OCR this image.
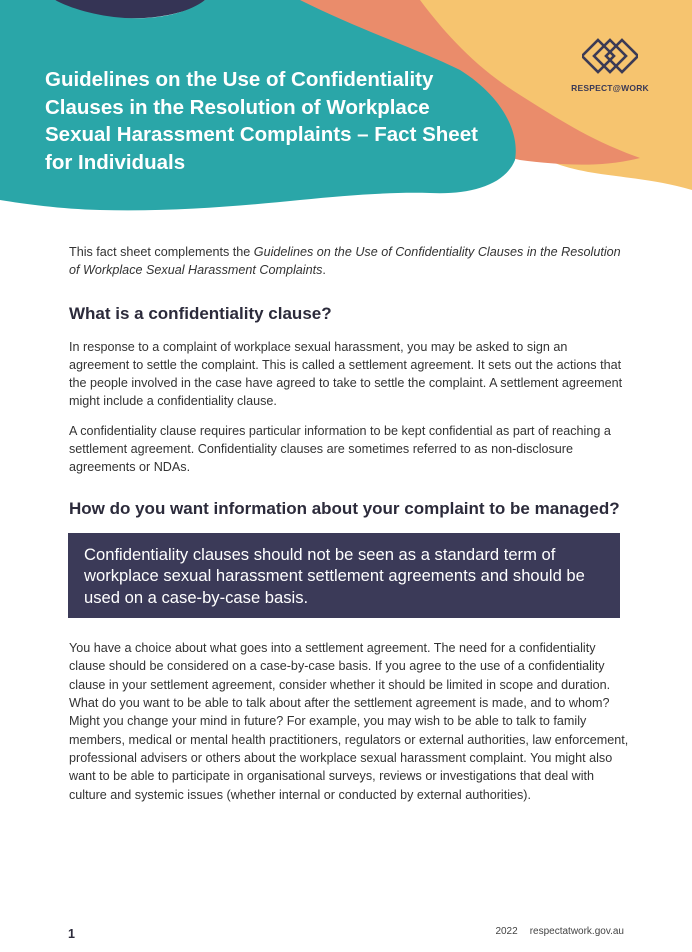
Guidelines on the Use of Confidentiality Clauses in the Resolution of Workplace Sexual Harassment Complaints – Fact Sheet for Individuals
RESPECT@WORK

This fact sheet complements the Guidelines on the Use of Confidentiality Clauses in the Resolution of Workplace Sexual Harassment Complaints.

What is a confidentiality clause?

In response to a complaint of workplace sexual harassment, you may be asked to sign an agreement to settle the complaint. This is called a settlement agreement. It sets out the actions that the people involved in the case have agreed to take to settle the complaint. A settlement agreement might include a confidentiality clause.

A confidentiality clause requires particular information to be kept confidential as part of reaching a settlement agreement. Confidentiality clauses are sometimes referred to as non-disclosure agreements or NDAs.

How do you want information about your complaint to be managed?
Confidentiality clauses should not be seen as a standard term of workplace sexual harassment settlement agreements and should be used on a case-by-case basis.

You have a choice about what goes into a settlement agreement. The need for a confidentiality clause should be considered on a case-by-case basis. If you agree to the use of a confidentiality clause in your settlement agreement, consider whether it should be limited in scope and duration. What do you want to be able to talk about after the settlement agreement is made, and to whom? Might you change your mind in future? For example, you may wish to be able to talk to family members, medical or mental health practitioners, regulators or external authorities, law enforcement, professional advisers or others about the workplace sexual harassment complaint. You might also want to be able to participate in organisational surveys, reviews or investigations that deal with culture and systemic issues (whether internal or conducted by external authorities).

1	2022 respectatwork.gov.au
